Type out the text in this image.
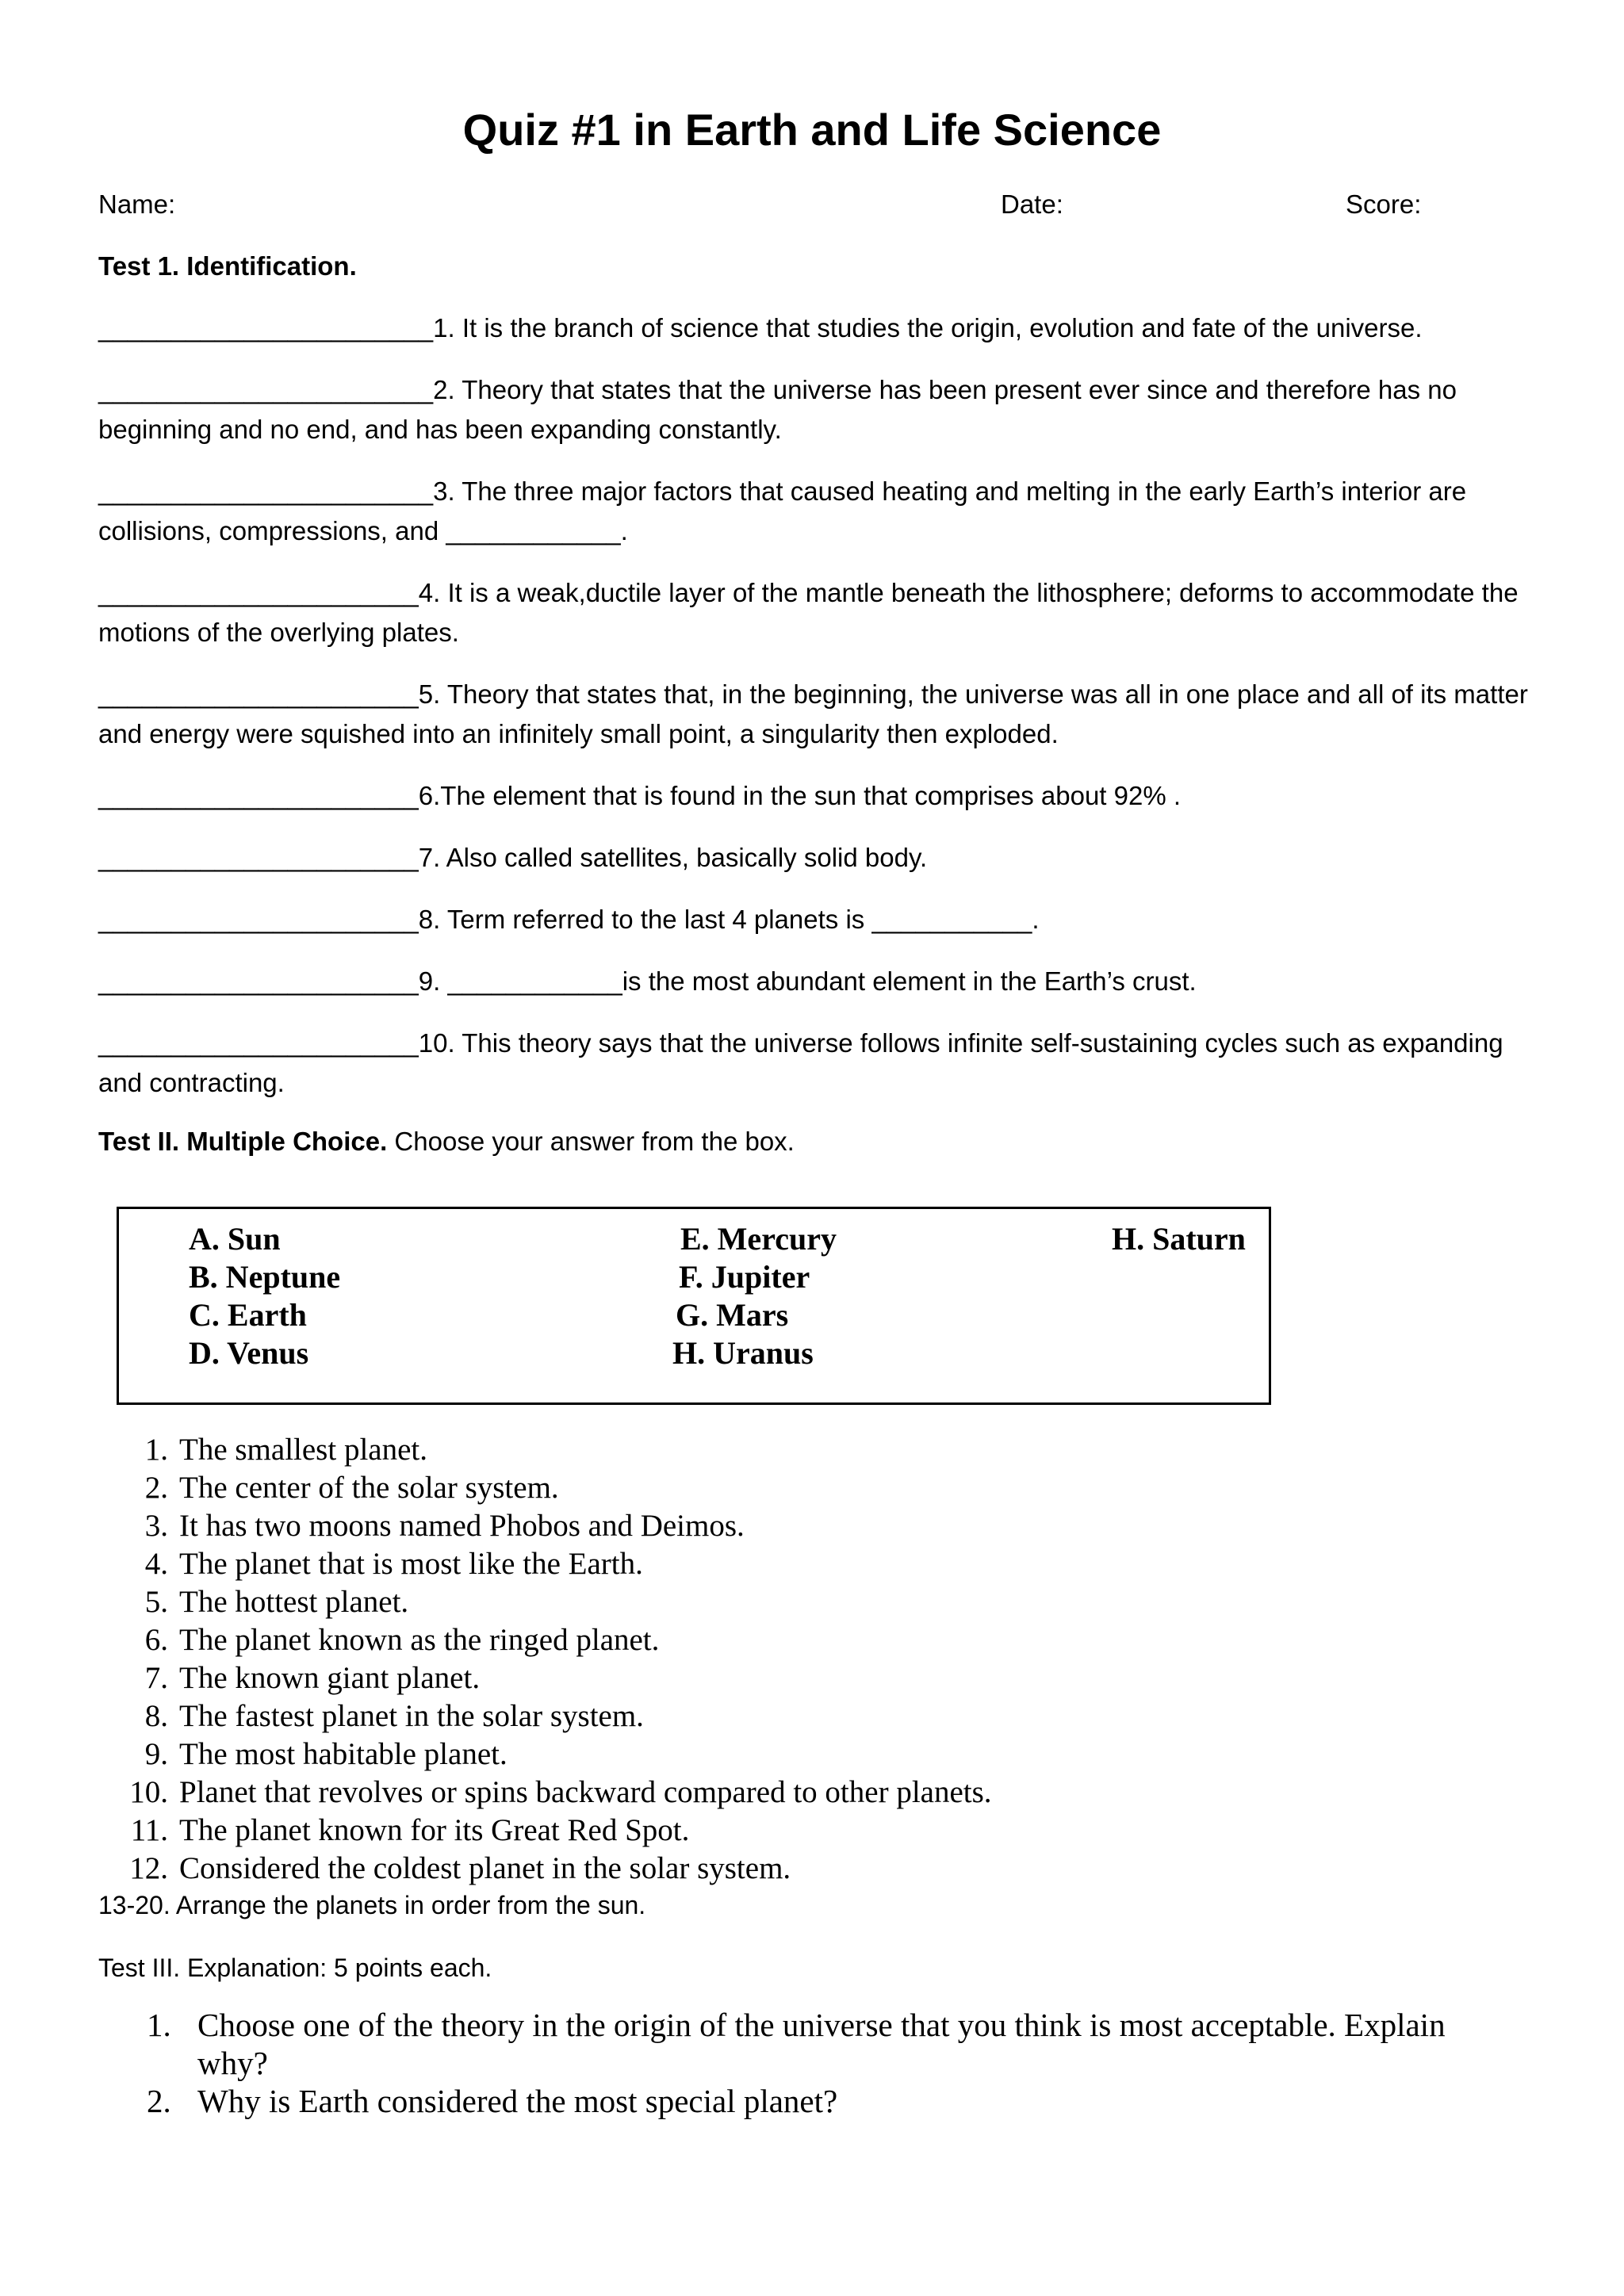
Quiz #1 in Earth and Life Science
Name:	Date:	Score:
Test 1. Identification.
_______________________1. It is the branch of science that studies the origin, evolution and fate of the universe.
_______________________2. Theory that states that the universe has been present ever since and therefore has no beginning and no end, and has been expanding constantly.
_______________________3. The three major factors that caused heating and melting in the early Earth’s interior are collisions, compressions, and ____________.
______________________4. It is a weak,ductile layer of the mantle beneath the lithosphere; deforms to accommodate the motions of the overlying plates.
______________________5. Theory that states that, in the beginning, the universe was all in one place and all of its matter and energy were squished into an infinitely small point, a singularity then exploded.
______________________6.The element that is found in the sun that comprises about 92% .
______________________7. Also called satellites, basically solid body.
______________________8. Term referred to the last 4 planets is ___________.
______________________9. ____________is the most abundant element in the Earth’s crust.
______________________10. This theory says that the universe follows infinite self-sustaining cycles such as expanding and contracting.
Test II. Multiple Choice. Choose your answer from the box.
A. Sun
B. Neptune
C. Earth
D. Venus
E. Mercury
F. Jupiter
G. Mars
H. Uranus
H. Saturn
1. The smallest planet.
2. The center of the solar system.
3. It has two moons named Phobos and Deimos.
4. The planet that is most like the Earth.
5. The hottest planet.
6. The planet known as the ringed planet.
7. The known giant planet.
8. The fastest planet in the solar system.
9. The most habitable planet.
10. Planet that revolves or spins backward compared to other planets.
11. The planet known for its Great Red Spot.
12. Considered the coldest planet in the solar system.
13-20. Arrange the planets in order from the sun.
Test III. Explanation: 5 points each.
1. Choose one of the theory in the origin of the universe that you think is most acceptable. Explain why?
2. Why is Earth considered the most special planet?
